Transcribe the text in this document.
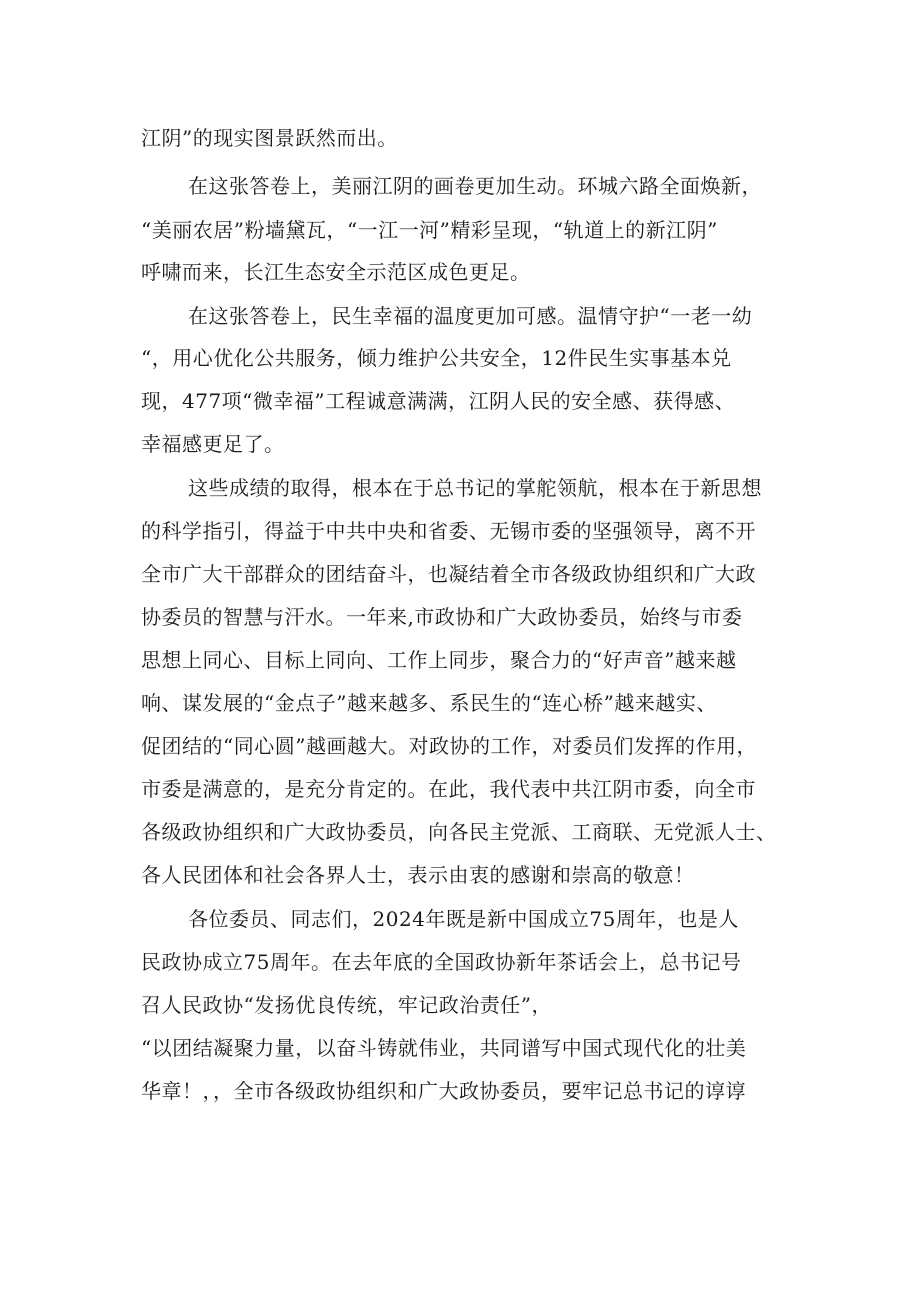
江阴”的现实图景跃然而出。
在这张答卷上，美丽江阴的画卷更加生动。环城六路全面焕新，
“美丽农居”粉墙黛瓦，“一江一河”精彩呈现，“轨道上的新江阴”
呼啸而来，长江生态安全示范区成色更足。
在这张答卷上，民生幸福的温度更加可感。温情守护“一老一幼
“，用心优化公共服务，倾力维护公共安全，12件民生实事基本兑
现，477项“微幸福”工程诚意满满，江阴人民的安全感、获得感、
幸福感更足了。
这些成绩的取得，根本在于总书记的掌舵领航，根本在于新思想
的科学指引，得益于中共中央和省委、无锡市委的坚强领导，离不开
全市广大干部群众的团结奋斗，也凝结着全市各级政协组织和广大政
协委员的智慧与汗水。一年来,市政协和广大政协委员，始终与市委
思想上同心、目标上同向、工作上同步，聚合力的“好声音”越来越
响、谋发展的“金点子”越来越多、系民生的“连心桥”越来越实、
促团结的“同心圆”越画越大。对政协的工作，对委员们发挥的作用，
市委是满意的，是充分肯定的。在此，我代表中共江阴市委，向全市
各级政协组织和广大政协委员，向各民主党派、工商联、无党派人士、
各人民团体和社会各界人士，表示由衷的感谢和崇高的敬意！
各位委员、同志们，2024年既是新中国成立75周年，也是人
民政协成立75周年。在去年底的全国政协新年茶话会上，总书记号
召人民政协“发扬优良传统，牢记政治责任”，
“以团结凝聚力量，以奋斗铸就伟业，共同谱写中国式现代化的壮美
华章！，，全市各级政协组织和广大政协委员，要牢记总书记的谆谆
